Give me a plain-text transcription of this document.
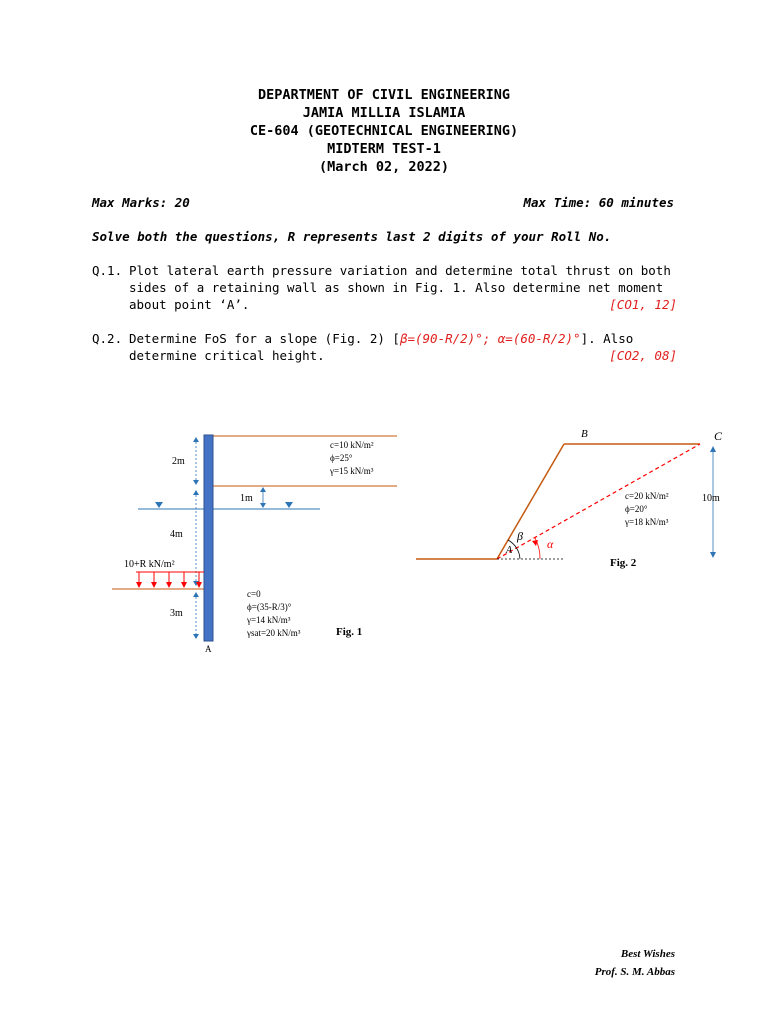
DEPARTMENT OF CIVIL ENGINEERING
JAMIA MILLIA ISLAMIA
CE-604 (GEOTECHNICAL ENGINEERING)
MIDTERM TEST-1
(March 02, 2022)
Max Marks: 20	Max Time: 60 minutes
Solve both the questions, R represents last 2 digits of your Roll No.
Q.1. Plot lateral earth pressure variation and determine total thrust on both sides of a retaining wall as shown in Fig. 1. Also determine net moment about point ‘A’.	[CO1, 12]
Q.2. Determine FoS for a slope (Fig. 2) [β=(90-R/2)°; α=(60-R/2)°]. Also determine critical height.	[CO2, 08]
2m
4m
3m
1m
10+R kN/m²
c=10 kN/m²
ϕ=25°
γ=15 kN/m³
c=0
ϕ=(35-R/3)°
γ=14 kN/m³
γsat=20 kN/m³
A
Fig. 1
β
α
A
B	C
10m
c=20 kN/m²
ϕ=20°
γ=18 kN/m³
Fig. 2
Best Wishes
Prof. S. M. Abbas
